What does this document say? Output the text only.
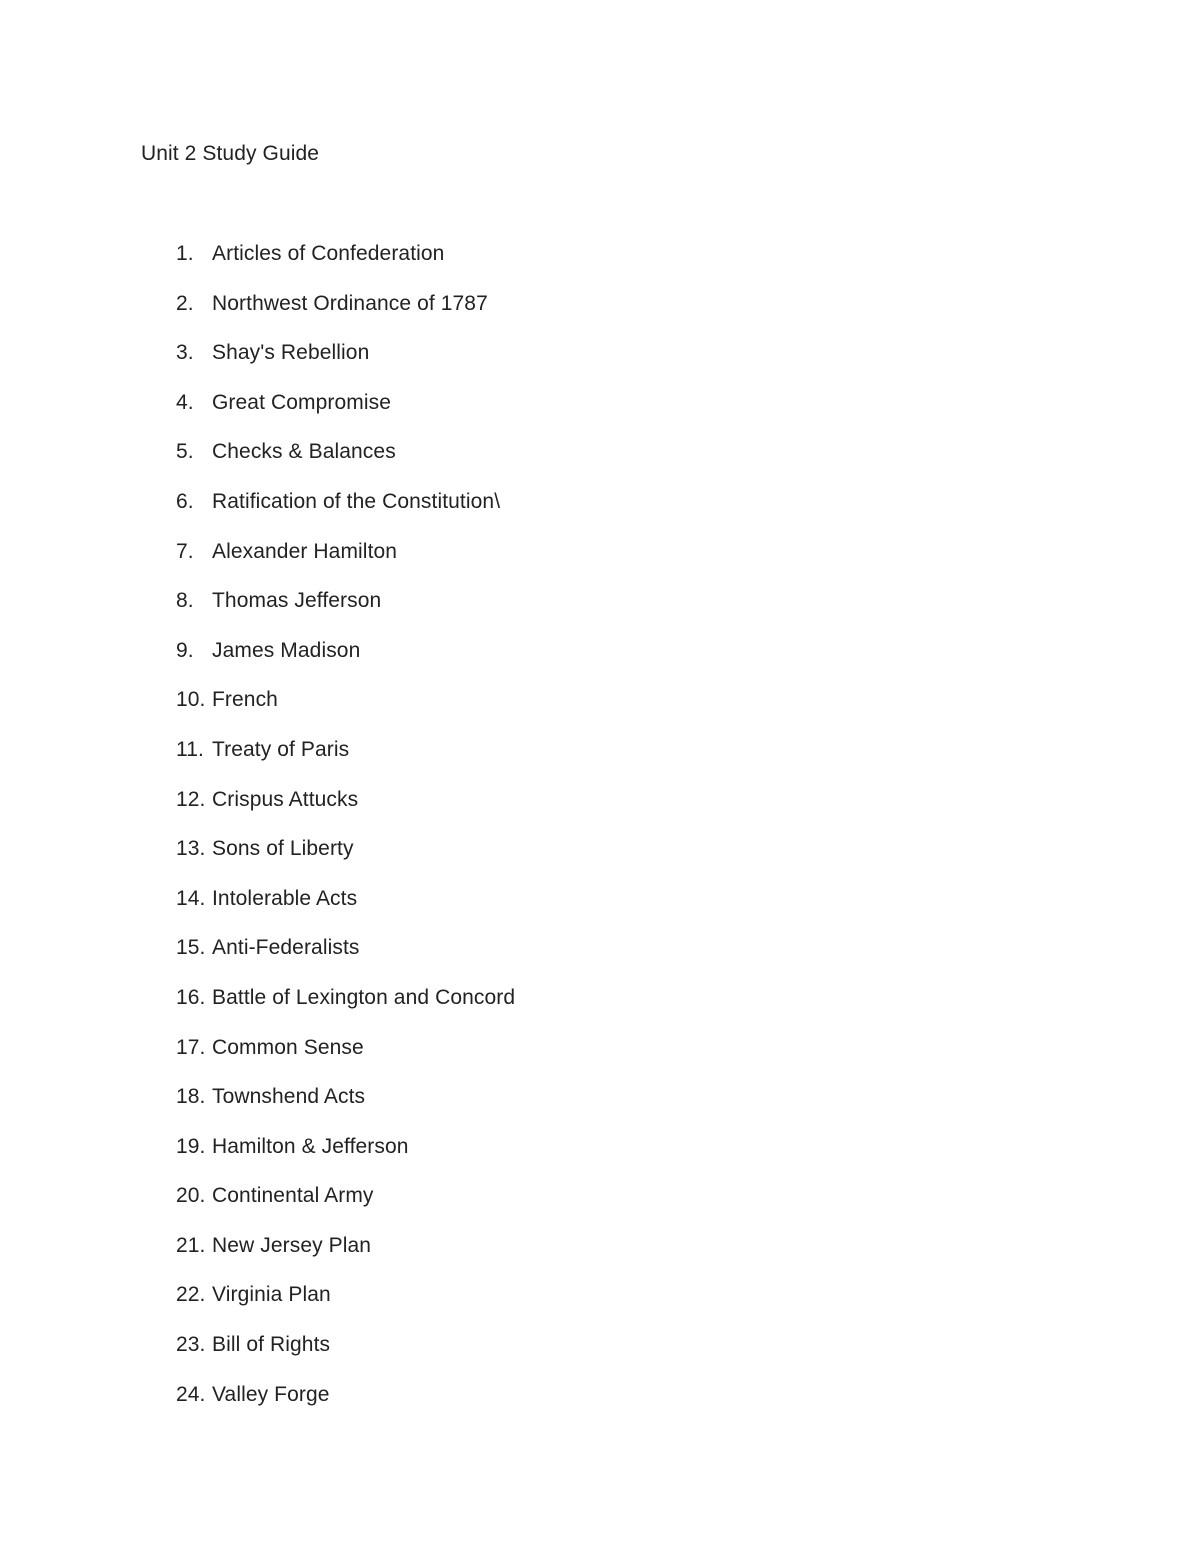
Unit 2 Study Guide
1. Articles of Confederation
2. Northwest Ordinance of 1787
3. Shay's Rebellion
4. Great Compromise
5. Checks & Balances
6. Ratification of the Constitution\
7. Alexander Hamilton
8. Thomas Jefferson
9. James Madison
10. French
11. Treaty of Paris
12. Crispus Attucks
13. Sons of Liberty
14. Intolerable Acts
15. Anti-Federalists
16. Battle of Lexington and Concord
17. Common Sense
18. Townshend Acts
19. Hamilton & Jefferson
20. Continental Army
21. New Jersey Plan
22. Virginia Plan
23. Bill of Rights
24. Valley Forge
